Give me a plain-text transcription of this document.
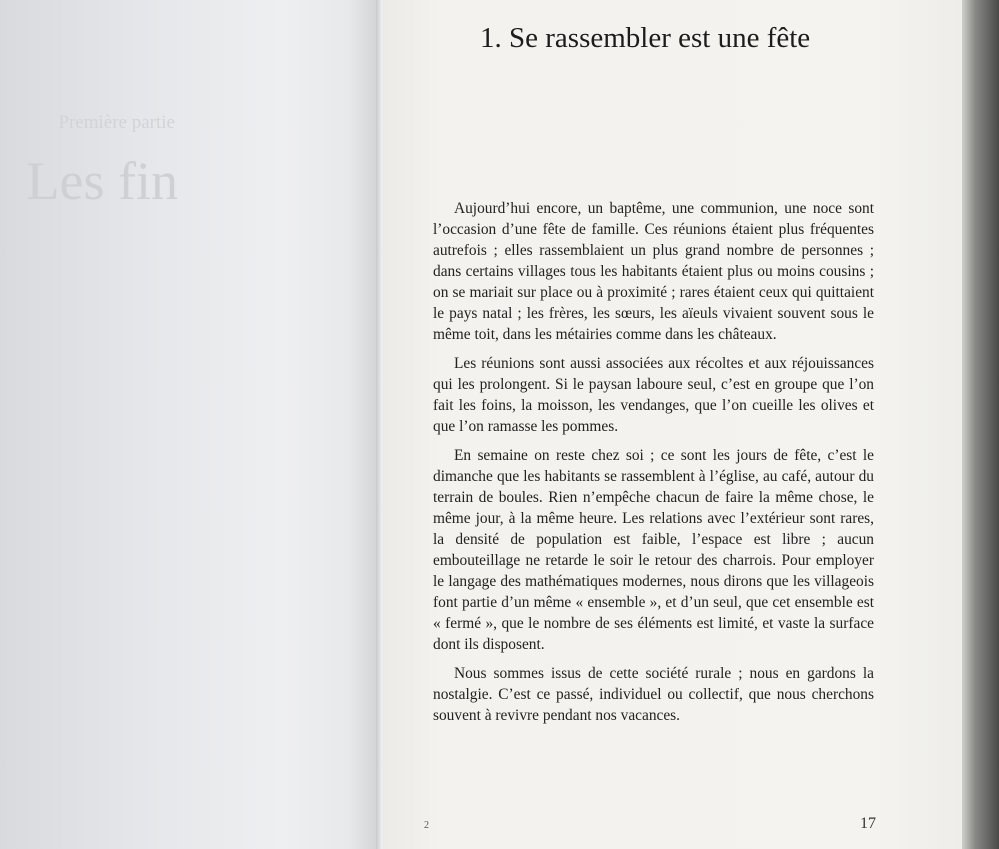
Première partie
Les fin
1. Se rassembler est une fête

Aujourd’hui encore, un baptême, une communion, une noce sont l’occasion d’une fête de famille. Ces réunions étaient plus fréquentes autrefois ; elles rassemblaient un plus grand nombre de personnes ; dans certains villages tous les habitants étaient plus ou moins cousins ; on se mariait sur place ou à proximité ; rares étaient ceux qui quittaient le pays natal ; les frères, les sœurs, les aïeuls vivaient souvent sous le même toit, dans les métairies comme dans les châteaux.

Les réunions sont aussi associées aux récoltes et aux réjouissances qui les prolongent. Si le paysan laboure seul, c’est en groupe que l’on fait les foins, la moisson, les vendanges, que l’on cueille les olives et que l’on ramasse les pommes.

En semaine on reste chez soi ; ce sont les jours de fête, c’est le dimanche que les habitants se rassemblent à l’église, au café, autour du terrain de boules. Rien n’empêche chacun de faire la même chose, le même jour, à la même heure. Les relations avec l’extérieur sont rares, la densité de population est faible, l’espace est libre ; aucun embouteillage ne retarde le soir le retour des charrois. Pour employer le langage des mathématiques modernes, nous dirons que les villageois font partie d’un même « ensemble », et d’un seul, que cet ensemble est « fermé », que le nombre de ses éléments est limité, et vaste la surface dont ils disposent.

Nous sommes issus de cette société rurale ; nous en gardons la nostalgie. C’est ce passé, individuel ou collectif, que nous cherchons souvent à revivre pendant nos vacances.

2	17
